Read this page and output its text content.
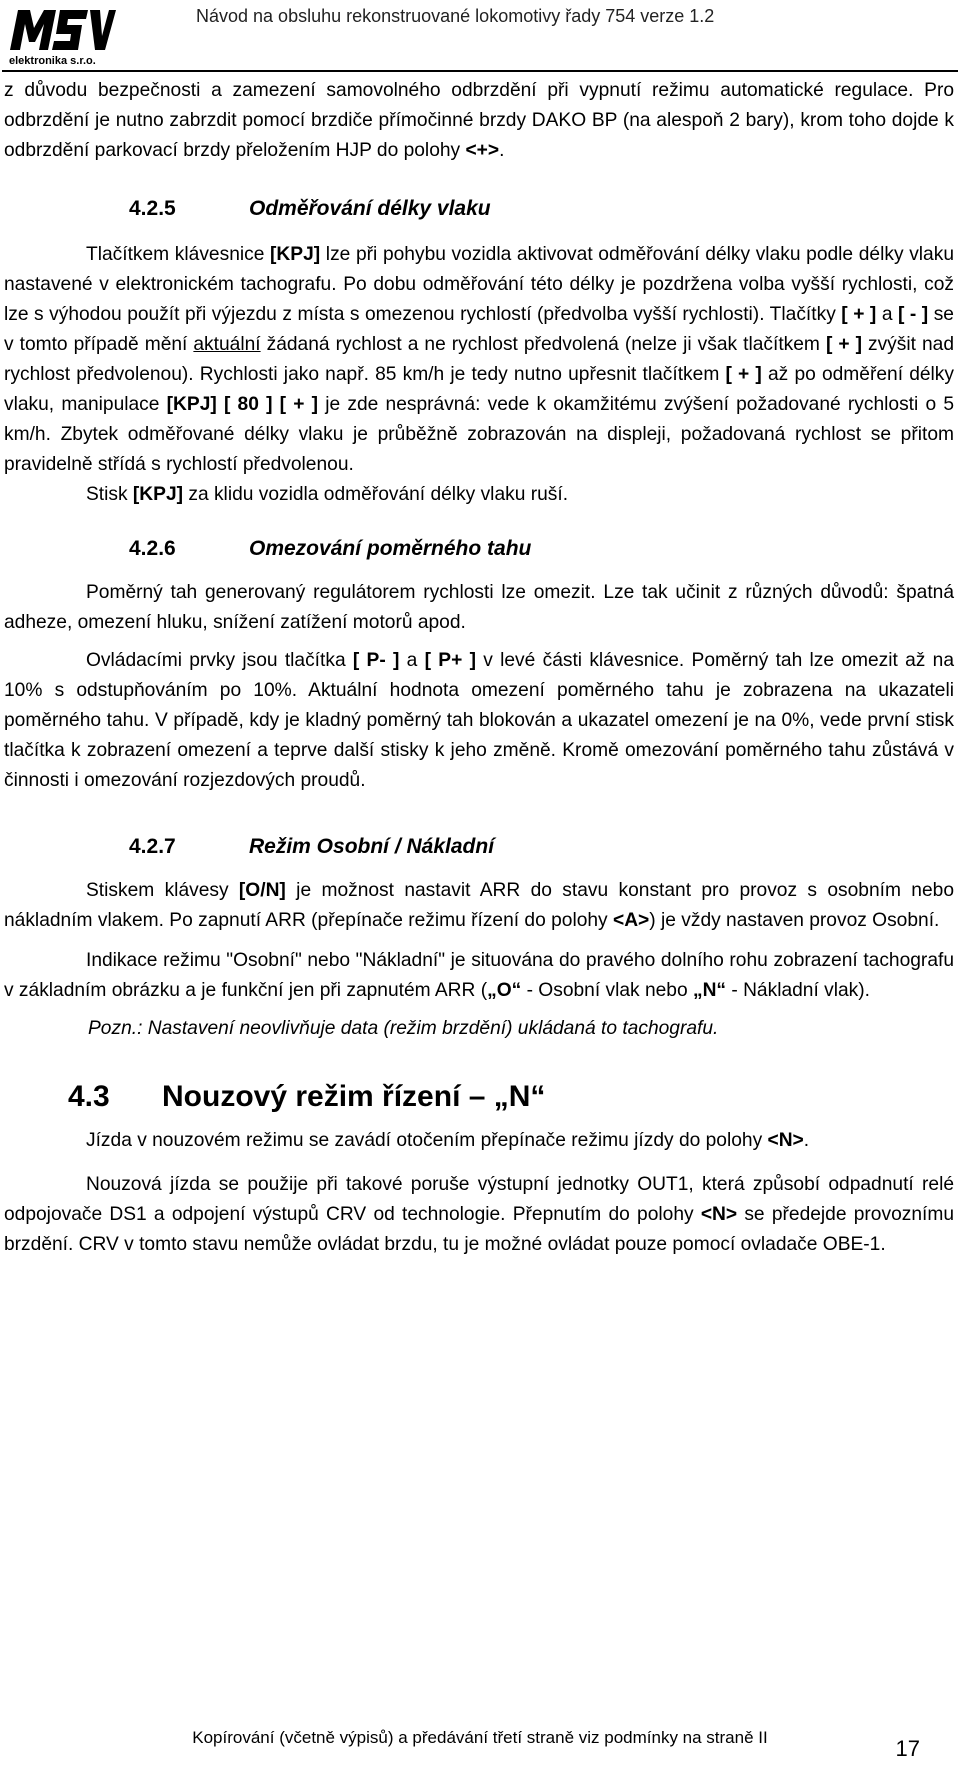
elektronika s.r.o.
Návod na obsluhu rekonstruované lokomotivy řady 754 verze 1.2

z důvodu bezpečnosti a zamezení samovolného odbrzdění při vypnutí režimu automatické regulace. Pro odbrzdění je nutno zabrzdit pomocí brzdiče přímočinné brzdy DAKO BP (na alespoň 2 bary), krom toho dojde k odbrzdění parkovací brzdy přeložením HJP do polohy <+>.

4.2.5	Odměřování délky vlaku

Tlačítkem klávesnice [KPJ] lze při pohybu vozidla aktivovat odměřování délky vlaku podle délky vlaku nastavené v elektronickém tachografu. Po dobu odměřování této délky je pozdržena volba vyšší rychlosti, což lze s výhodou použít při výjezdu z místa s omezenou rychlostí (předvolba vyšší rychlosti). Tlačítky [ + ] a [ - ] se v tomto případě mění aktuální žádaná rychlost a ne rychlost předvolená (nelze ji však tlačítkem [ + ] zvýšit nad rychlost předvolenou). Rychlosti jako např. 85 km/h je tedy nutno upřesnit tlačítkem [ + ] až po odměření délky vlaku, manipulace [KPJ] [ 80 ] [ + ] je zde nesprávná: vede k okamžitému zvýšení požadované rychlosti o 5 km/h. Zbytek odměřované délky vlaku je průběžně zobrazován na displeji, požadovaná rychlost se přitom pravidelně střídá s rychlostí předvolenou.

Stisk [KPJ] za klidu vozidla odměřování délky vlaku ruší.

4.2.6	Omezování poměrného tahu

Poměrný tah generovaný regulátorem rychlosti lze omezit. Lze tak učinit z různých důvodů: špatná adheze, omezení hluku, snížení zatížení motorů apod.

Ovládacími prvky jsou tlačítka [ P- ] a [ P+ ] v levé části klávesnice. Poměrný tah lze omezit až na 10% s odstupňováním po 10%. Aktuální hodnota omezení poměrného tahu je zobrazena na ukazateli poměrného tahu. V případě, kdy je kladný poměrný tah blokován a ukazatel omezení je na 0%, vede první stisk tlačítka k zobrazení omezení a teprve další stisky k jeho změně. Kromě omezování poměrného tahu zůstává v činnosti i omezování rozjezdových proudů.

4.2.7	Režim Osobní / Nákladní

Stiskem klávesy [O/N] je možnost nastavit ARR do stavu konstant pro provoz s osobním nebo nákladním vlakem. Po zapnutí ARR (přepínače režimu řízení do polohy <A>) je vždy nastaven provoz Osobní.

Indikace režimu "Osobní" nebo "Nákladní" je situována do pravého dolního rohu zobrazení tachografu v základním obrázku a je funkční jen při zapnutém ARR („O“ - Osobní vlak nebo „N“ - Nákladní vlak).

Pozn.: Nastavení neovlivňuje data (režim brzdění) ukládaná to tachografu.

4.3	Nouzový režim řízení – „N“

Jízda v nouzovém režimu se zavádí otočením přepínače režimu jízdy do polohy <N>.

Nouzová jízda se použije při takové poruše výstupní jednotky OUT1, která způsobí odpadnutí relé odpojovače DS1 a odpojení výstupů CRV od technologie. Přepnutím do polohy <N> se předejde provoznímu brzdění. CRV v tomto stavu nemůže ovládat brzdu, tu je možné ovládat pouze pomocí ovladače OBE-1.

Kopírování (včetně výpisů) a předávání třetí straně viz podmínky na straně II	17
